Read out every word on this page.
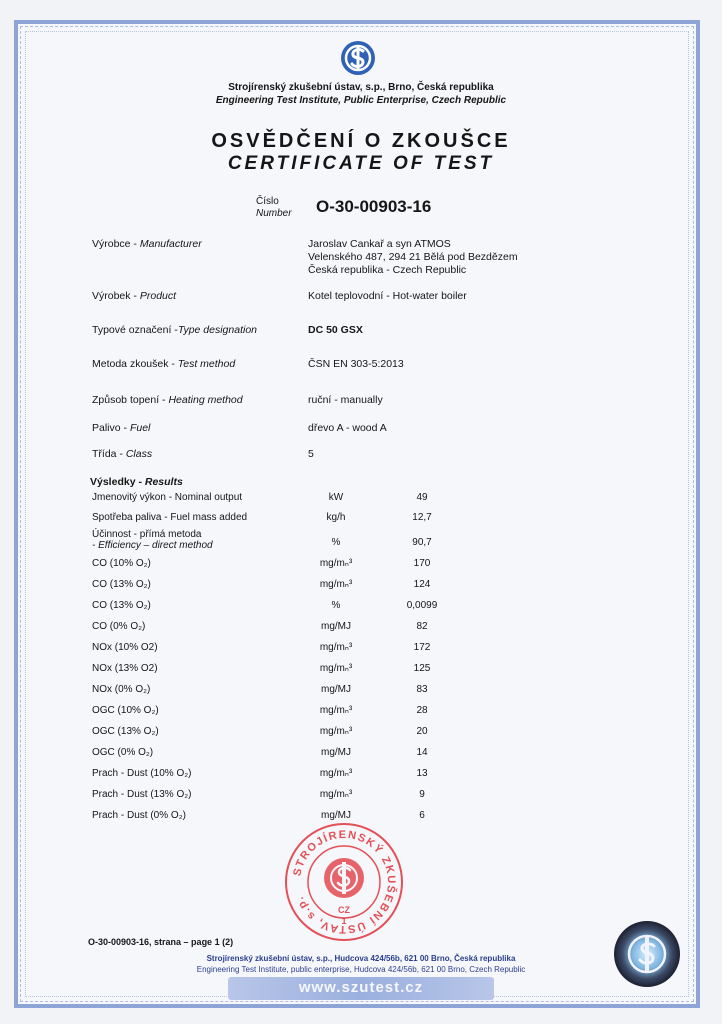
Strojírenský zkušební ústav, s.p., Brno, Česká republika
Engineering Test Institute, Public Enterprise, Czech Republic
OSVĚDČENÍ O ZKOUŠCE
CERTIFICATE OF TEST
Číslo
Number O-30-00903-16
Výrobce - Manufacturer	Jaroslav Cankař a syn ATMOS
Velenského 487, 294 21 Bělá pod Bezdězem
Česká republika - Czech Republic
Výrobek - Product	Kotel teplovodní - Hot-water boiler
Typové označení -Type designation	DC 50 GSX
Metoda zkoušek - Test method	ČSN EN 303-5:2013
Způsob topení - Heating method	ruční - manually
Palivo - Fuel	dřevo A - wood A
Třída - Class	5
Výsledky - Results
Jmenovitý výkon - Nominal output	kW	49
Spotřeba paliva - Fuel mass added	kg/h	12,7
Účinnost - přímá metoda
- Efficiency – direct method	%	90,7
CO (10% O₂)	mg/mₙ³	170
CO (13% O₂)	mg/mₙ³	124
CO (13% O₂)	%	0,0099
CO (0% O₂)	mg/MJ	82
NOx (10% O2)	mg/mₙ³	172
NOx (13% O2)	mg/mₙ³	125
NOx (0% O₂)	mg/MJ	83
OGC (10% O₂)	mg/mₙ³	28
OGC (13% O₂)	mg/mₙ³	20
OGC (0% O₂)	mg/MJ	14
Prach - Dust (10% O₂)	mg/mₙ³	13
Prach - Dust (13% O₂)	mg/mₙ³	9
Prach - Dust (0% O₂)	mg/MJ	6
STROJÍRENSKÝ ZKUŠEBNÍ ÚSTAV, s.p.
CZ
1
O-30-00903-16, strana – page 1 (2)
Strojírenský zkušební ústav, s.p., Hudcova 424/56b, 621 00 Brno, Česká republika
Engineering Test Institute, public enterprise, Hudcova 424/56b, 621 00 Brno, Czech Republic
www.szutest.cz
